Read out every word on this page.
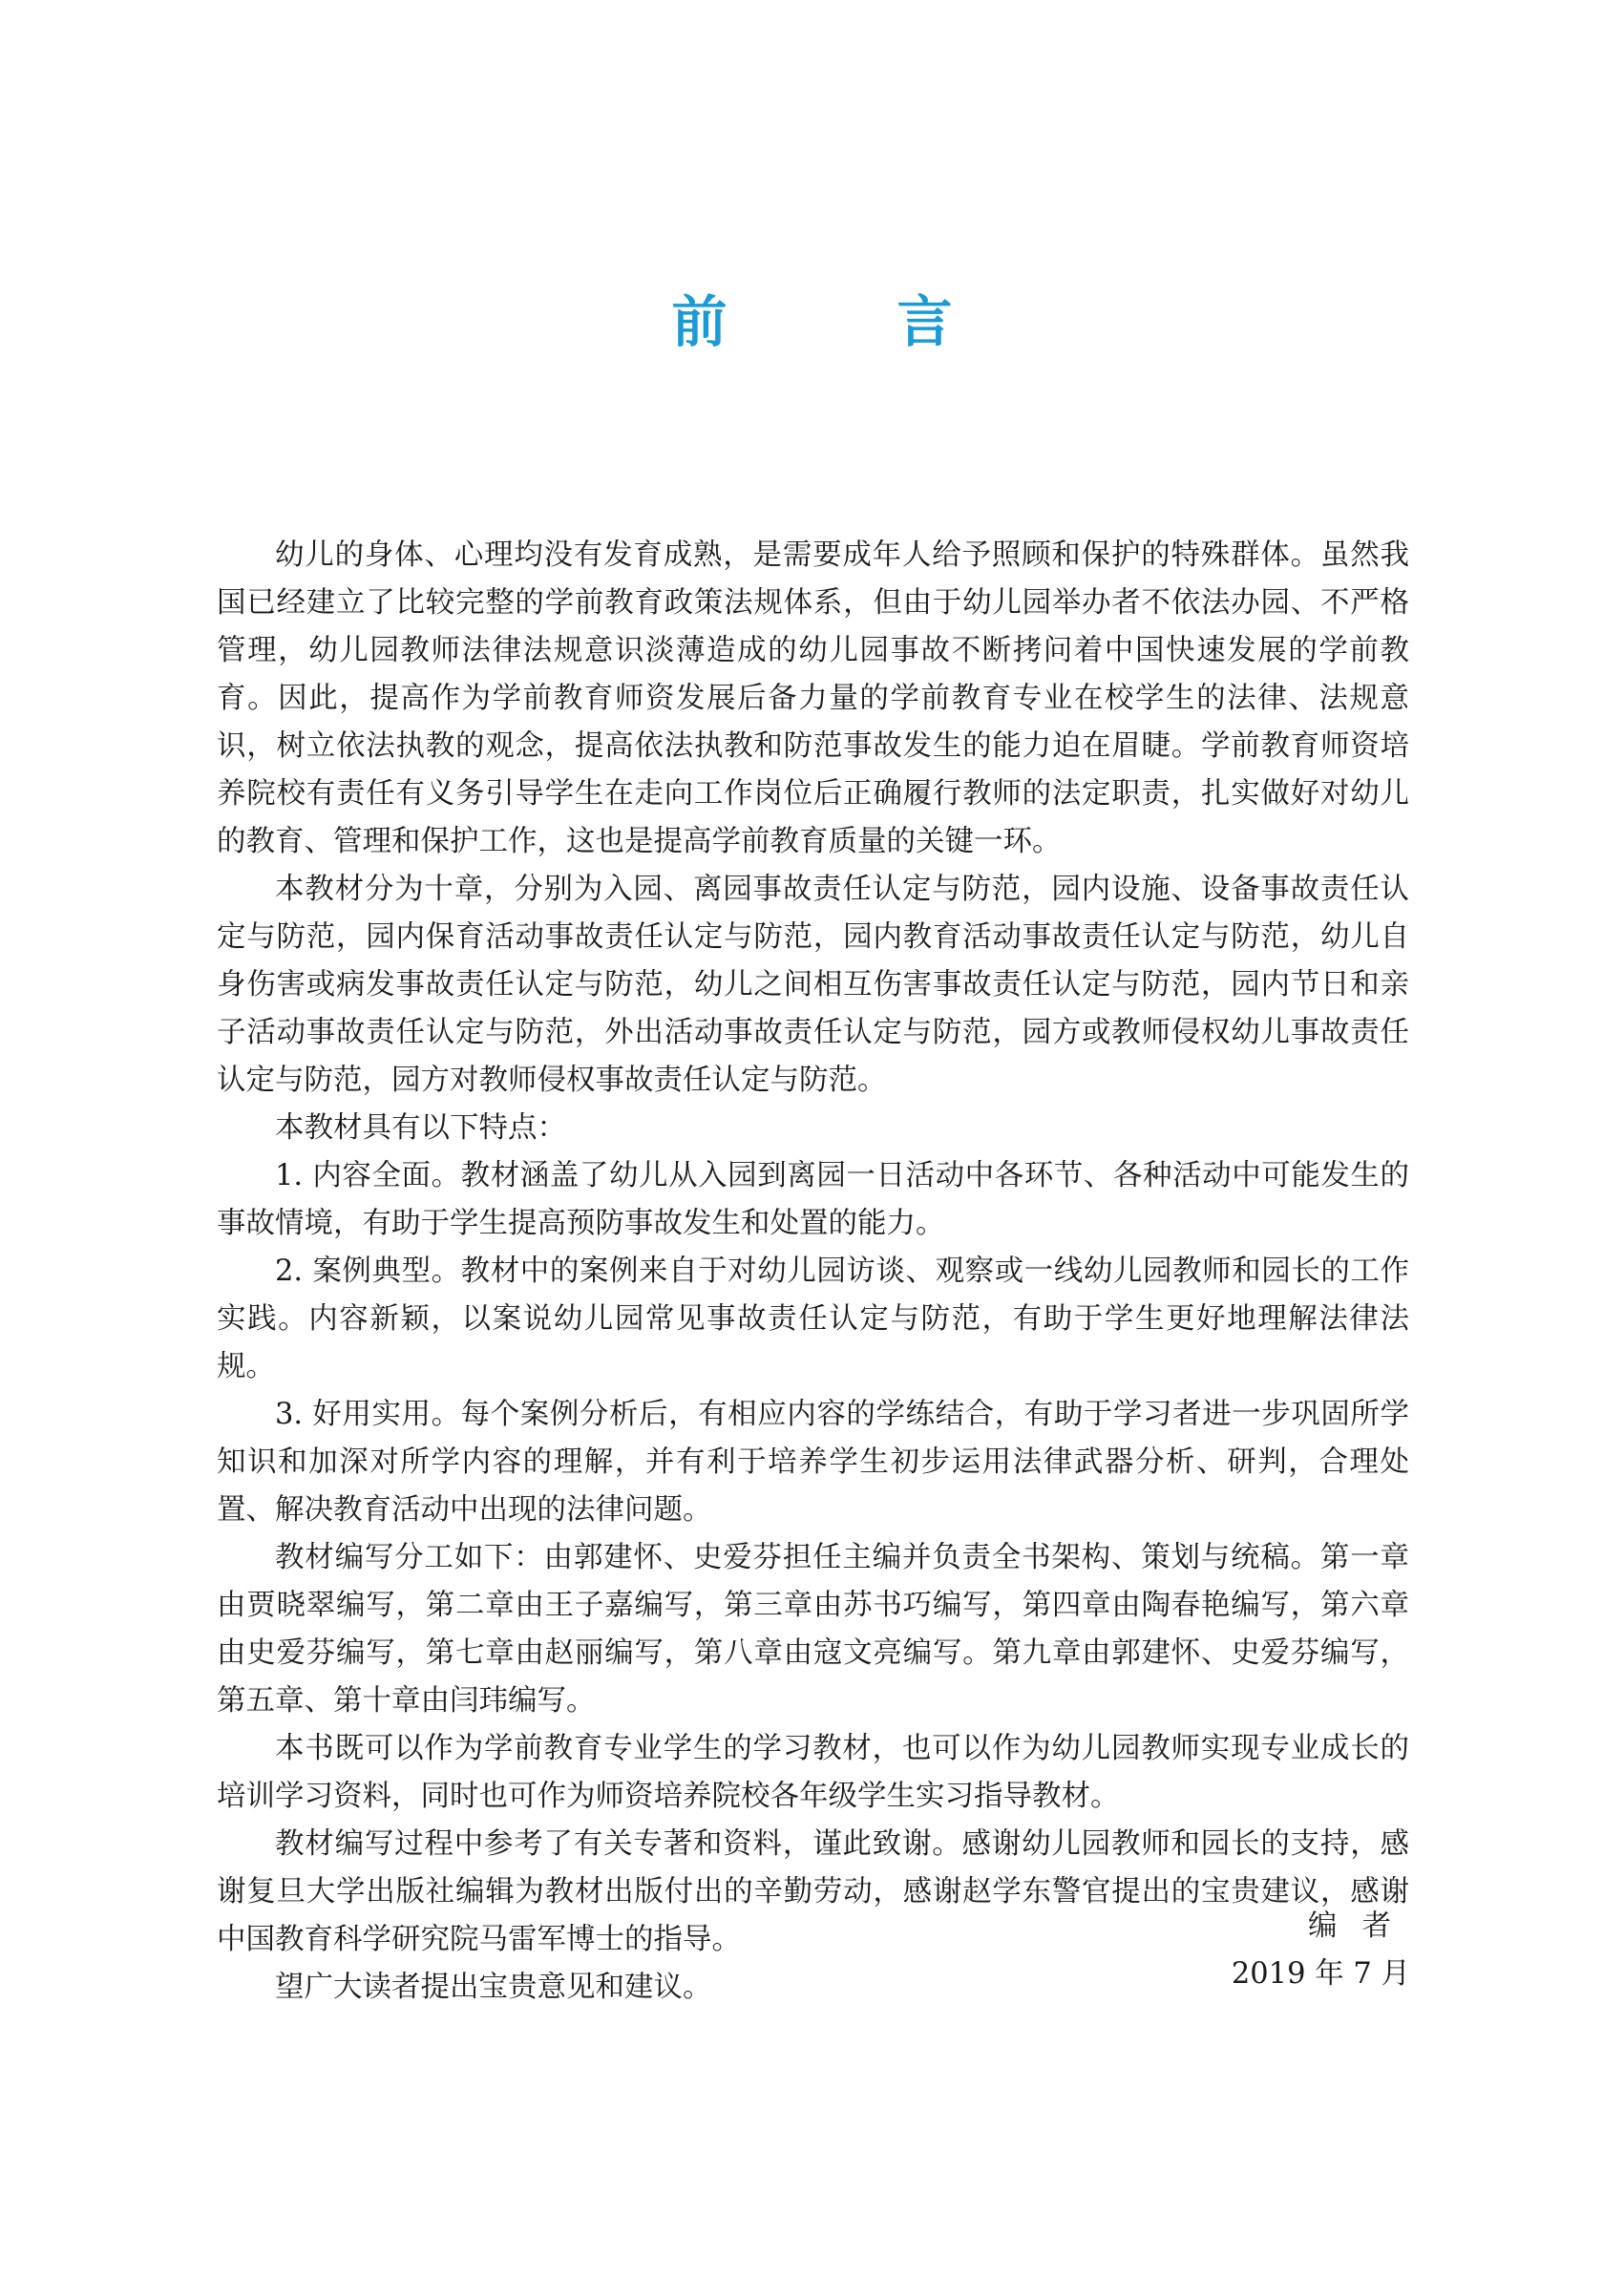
前　言

幼儿的身体、心理均没有发育成熟，是需要成年人给予照顾和保护的特殊群体。虽然我国已经建立了比较完整的学前教育政策法规体系，但由于幼儿园举办者不依法办园、不严格管理，幼儿园教师法律法规意识淡薄造成的幼儿园事故不断拷问着中国快速发展的学前教育。因此，提高作为学前教育师资发展后备力量的学前教育专业在校学生的法律、法规意识，树立依法执教的观念，提高依法执教和防范事故发生的能力迫在眉睫。学前教育师资培养院校有责任有义务引导学生在走向工作岗位后正确履行教师的法定职责，扎实做好对幼儿的教育、管理和保护工作，这也是提高学前教育质量的关键一环。

本教材分为十章，分别为入园、离园事故责任认定与防范，园内设施、设备事故责任认定与防范，园内保育活动事故责任认定与防范，园内教育活动事故责任认定与防范，幼儿自身伤害或病发事故责任认定与防范，幼儿之间相互伤害事故责任认定与防范，园内节日和亲子活动事故责任认定与防范，外出活动事故责任认定与防范，园方或教师侵权幼儿事故责任认定与防范，园方对教师侵权事故责任认定与防范。

本教材具有以下特点：

1. 内容全面。教材涵盖了幼儿从入园到离园一日活动中各环节、各种活动中可能发生的事故情境，有助于学生提高预防事故发生和处置的能力。

2. 案例典型。教材中的案例来自于对幼儿园访谈、观察或一线幼儿园教师和园长的工作实践。内容新颖，以案说幼儿园常见事故责任认定与防范，有助于学生更好地理解法律法规。

3. 好用实用。每个案例分析后，有相应内容的学练结合，有助于学习者进一步巩固所学知识和加深对所学内容的理解，并有利于培养学生初步运用法律武器分析、研判，合理处置、解决教育活动中出现的法律问题。

教材编写分工如下：由郭建怀、史爱芬担任主编并负责全书架构、策划与统稿。第一章由贾晓翠编写，第二章由王子嘉编写，第三章由苏书巧编写，第四章由陶春艳编写，第六章由史爱芬编写，第七章由赵丽编写，第八章由寇文亮编写。第九章由郭建怀、史爱芬编写，第五章、第十章由闫玮编写。

本书既可以作为学前教育专业学生的学习教材，也可以作为幼儿园教师实现专业成长的培训学习资料，同时也可作为师资培养院校各年级学生实习指导教材。

教材编写过程中参考了有关专著和资料，谨此致谢。感谢幼儿园教师和园长的支持，感谢复旦大学出版社编辑为教材出版付出的辛勤劳动，感谢赵学东警官提出的宝贵建议，感谢中国教育科学研究院马雷军博士的指导。

望广大读者提出宝贵意见和建议。

编者
2019 年 7 月
